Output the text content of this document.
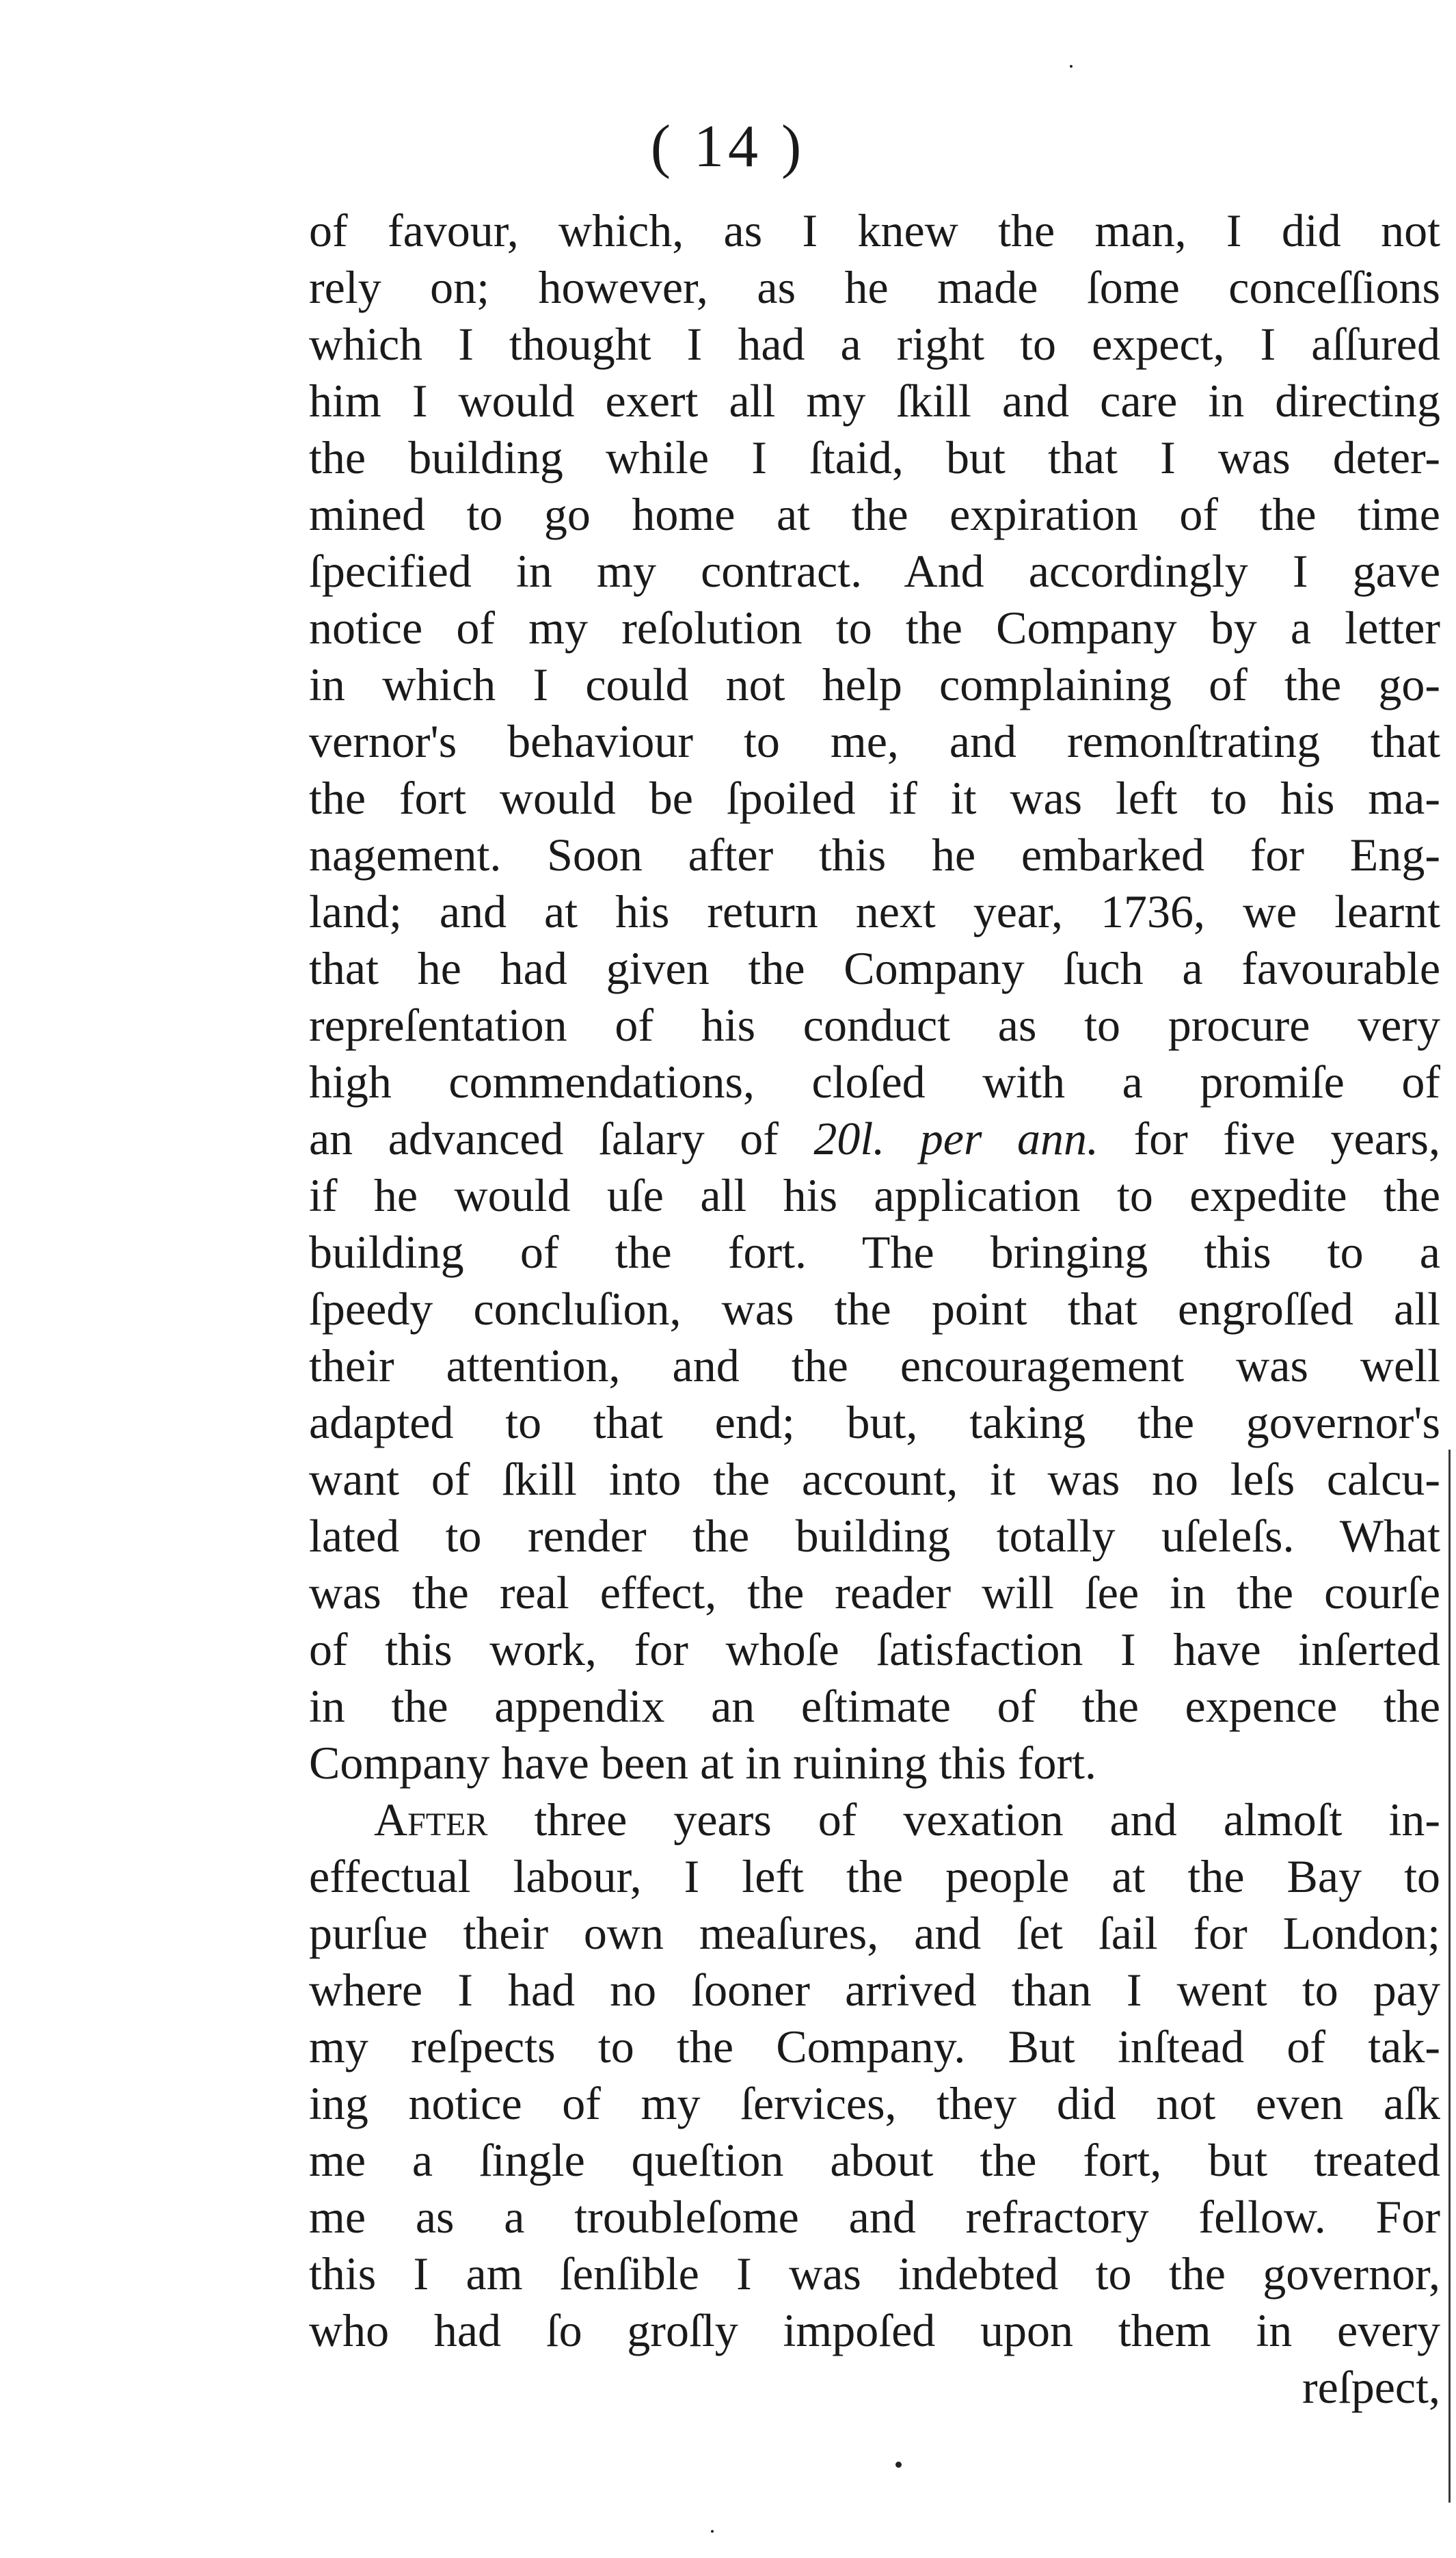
( 14 )
of favour, which, as I knew the man, I did not
rely on; however, as he made ſome conceſſions
which I thought I had a right to expect, I aſſured
him I would exert all my ſkill and care in directing
the building while I ſtaid, but that I was deter-
mined to go home at the expiration of the time
ſpecified in my contract. And accordingly I gave
notice of my reſolution to the Company by a letter
in which I could not help complaining of the go-
vernor's behaviour to me, and remonſtrating that
the fort would be ſpoiled if it was left to his ma-
nagement. Soon after this he embarked for Eng-
land; and at his return next year, 1736, we learnt
that he had given the Company ſuch a favourable
repreſentation of his conduct as to procure very
high commendations, cloſed with a promiſe of
an advanced ſalary of 20l. per ann. for five years,
if he would uſe all his application to expedite the
building of the fort. The bringing this to a
ſpeedy concluſion, was the point that engroſſed all
their attention, and the encouragement was well
adapted to that end; but, taking the governor's
want of ſkill into the account, it was no leſs calcu-
lated to render the building totally uſeleſs. What
was the real effect, the reader will ſee in the courſe
of this work, for whoſe ſatisfaction I have inſerted
in the appendix an eſtimate of the expence the
Company have been at in ruining this fort.
After three years of vexation and almoſt in-
effectual labour, I left the people at the Bay to
purſue their own meaſures, and ſet ſail for London;
where I had no ſooner arrived than I went to pay
my reſpects to the Company. But inſtead of tak-
ing notice of my ſervices, they did not even aſk
me a ſingle queſtion about the fort, but treated
me as a troubleſome and refractory fellow. For
this I am ſenſible I was indebted to the governor,
who had ſo groſly impoſed upon them in every
reſpect,
